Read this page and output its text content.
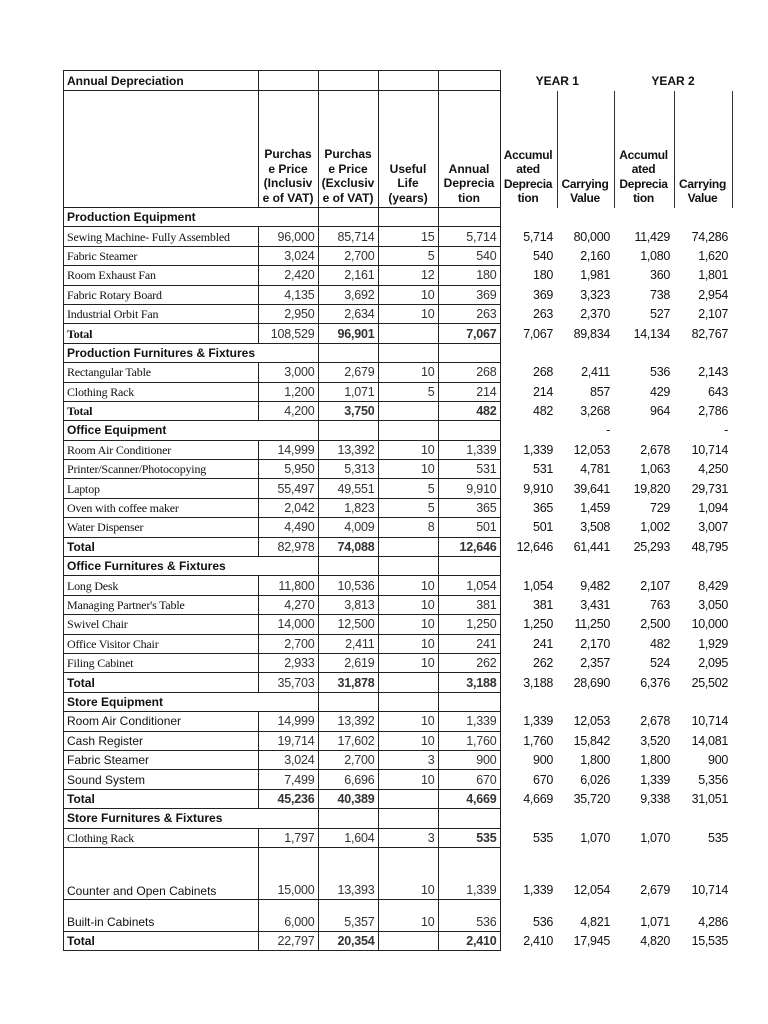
Annual Depreciation					YEAR 1		YEAR 2	
	Purchas e Price (Inclusiv e of VAT)	Purchas e Price (Exclusiv e of VAT)	Useful Life (years)	Annual Deprecia tion	Accumul ated Deprecia tion	Carrying Value	Accumul ated Deprecia tion	Carrying Value
Production Equipment								
Sewing Machine- Fully Assembled	96,000	85,714	15	5,714	5,714	80,000	11,429	74,286
Fabric Steamer	3,024	2,700	5	540	540	2,160	1,080	1,620
Room Exhaust Fan	2,420	2,161	12	180	180	1,981	360	1,801
Fabric Rotary Board	4,135	3,692	10	369	369	3,323	738	2,954
Industrial Orbit Fan	2,950	2,634	10	263	263	2,370	527	2,107
Total	108,529	96,901		7,067	7,067	89,834	14,134	82,767
Production Furnitures & Fixtures								
Rectangular Table	3,000	2,679	10	268	268	2,411	536	2,143
Clothing Rack	1,200	1,071	5	214	214	857	429	643
Total	4,200	3,750		482	482	3,268	964	2,786
Office Equipment						-		-
Room Air Conditioner	14,999	13,392	10	1,339	1,339	12,053	2,678	10,714
Printer/Scanner/Photocopying	5,950	5,313	10	531	531	4,781	1,063	4,250
Laptop	55,497	49,551	5	9,910	9,910	39,641	19,820	29,731
Oven with coffee maker	2,042	1,823	5	365	365	1,459	729	1,094
Water Dispenser	4,490	4,009	8	501	501	3,508	1,002	3,007
Total	82,978	74,088		12,646	12,646	61,441	25,293	48,795
Office Furnitures & Fixtures								
Long Desk	11,800	10,536	10	1,054	1,054	9,482	2,107	8,429
Managing Partner's Table	4,270	3,813	10	381	381	3,431	763	3,050
Swivel Chair	14,000	12,500	10	1,250	1,250	11,250	2,500	10,000
Office Visitor Chair	2,700	2,411	10	241	241	2,170	482	1,929
Filing Cabinet	2,933	2,619	10	262	262	2,357	524	2,095
Total	35,703	31,878		3,188	3,188	28,690	6,376	25,502
Store Equipment								
Room Air Conditioner	14,999	13,392	10	1,339	1,339	12,053	2,678	10,714
Cash Register	19,714	17,602	10	1,760	1,760	15,842	3,520	14,081
Fabric Steamer	3,024	2,700	3	900	900	1,800	1,800	900
Sound System	7,499	6,696	10	670	670	6,026	1,339	5,356
Total	45,236	40,389		4,669	4,669	35,720	9,338	31,051
Store Furnitures & Fixtures								
Clothing Rack	1,797	1,604	3	535	535	1,070	1,070	535
Counter and Open Cabinets	15,000	13,393	10	1,339	1,339	12,054	2,679	10,714
Built-in Cabinets	6,000	5,357	10	536	536	4,821	1,071	4,286
Total	22,797	20,354		2,410	2,410	17,945	4,820	15,535
